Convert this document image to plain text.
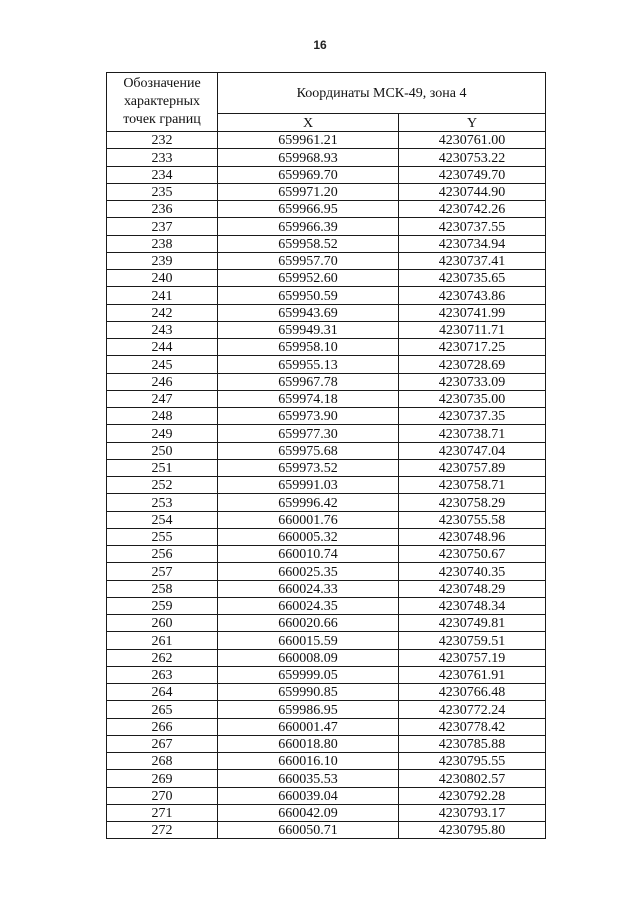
16
Обозначение характерных точек границ	Координаты МСК-49, зона 4	
	X	Y
232	659961.21	4230761.00
233	659968.93	4230753.22
234	659969.70	4230749.70
235	659971.20	4230744.90
236	659966.95	4230742.26
237	659966.39	4230737.55
238	659958.52	4230734.94
239	659957.70	4230737.41
240	659952.60	4230735.65
241	659950.59	4230743.86
242	659943.69	4230741.99
243	659949.31	4230711.71
244	659958.10	4230717.25
245	659955.13	4230728.69
246	659967.78	4230733.09
247	659974.18	4230735.00
248	659973.90	4230737.35
249	659977.30	4230738.71
250	659975.68	4230747.04
251	659973.52	4230757.89
252	659991.03	4230758.71
253	659996.42	4230758.29
254	660001.76	4230755.58
255	660005.32	4230748.96
256	660010.74	4230750.67
257	660025.35	4230740.35
258	660024.33	4230748.29
259	660024.35	4230748.34
260	660020.66	4230749.81
261	660015.59	4230759.51
262	660008.09	4230757.19
263	659999.05	4230761.91
264	659990.85	4230766.48
265	659986.95	4230772.24
266	660001.47	4230778.42
267	660018.80	4230785.88
268	660016.10	4230795.55
269	660035.53	4230802.57
270	660039.04	4230792.28
271	660042.09	4230793.17
272	660050.71	4230795.80
